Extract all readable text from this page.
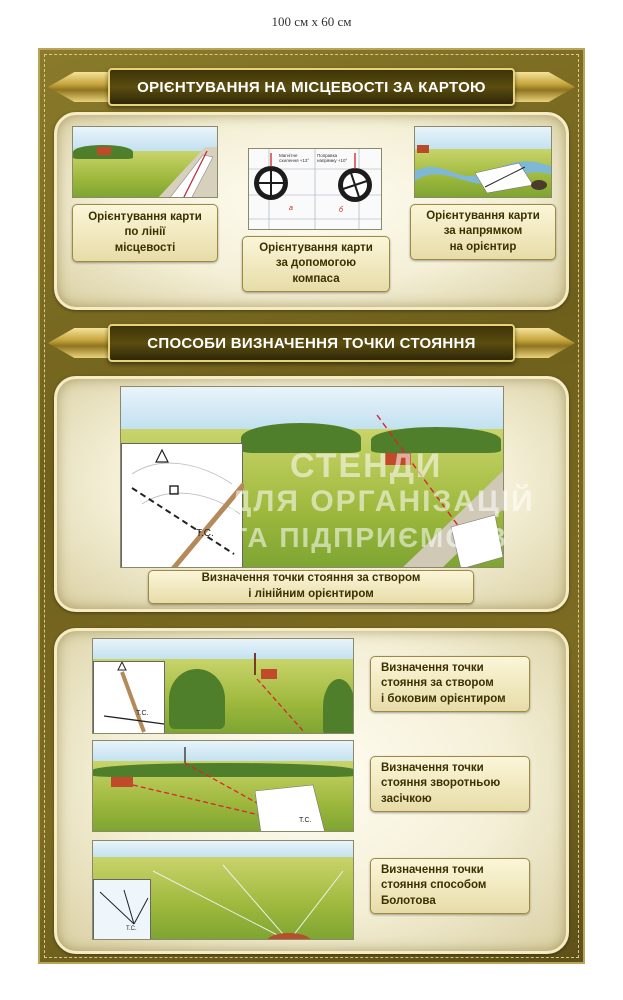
100 см х 60 см
ОРІЄНТУВАННЯ НА МІСЦЕВОСТІ ЗА КАРТОЮ
Орієнтування карти
по лінії
місцевості
Магнітне схилення +13°
Поправка напрямку +10°
а	б
Орієнтування карти
за допомогою
компаса
Орієнтування карти
за напрямком
на орієнтир
СПОСОБИ ВИЗНАЧЕННЯ ТОЧКИ СТОЯННЯ
Т.С.
Визначення точки стояння за створом
і лінійним орієнтиром
СТЕНДИ
ДЛЯ ОРГАНІЗАЦІЙ
ТА ПІДПРИЄМСТВ
Т.С.
Визначення точки
стояння за створом
і боковим орієнтиром
Т.С.
Визначення точки
стояння зворотньою
засічкою
Т.С.
Визначення точки
стояння способом
Болотова
